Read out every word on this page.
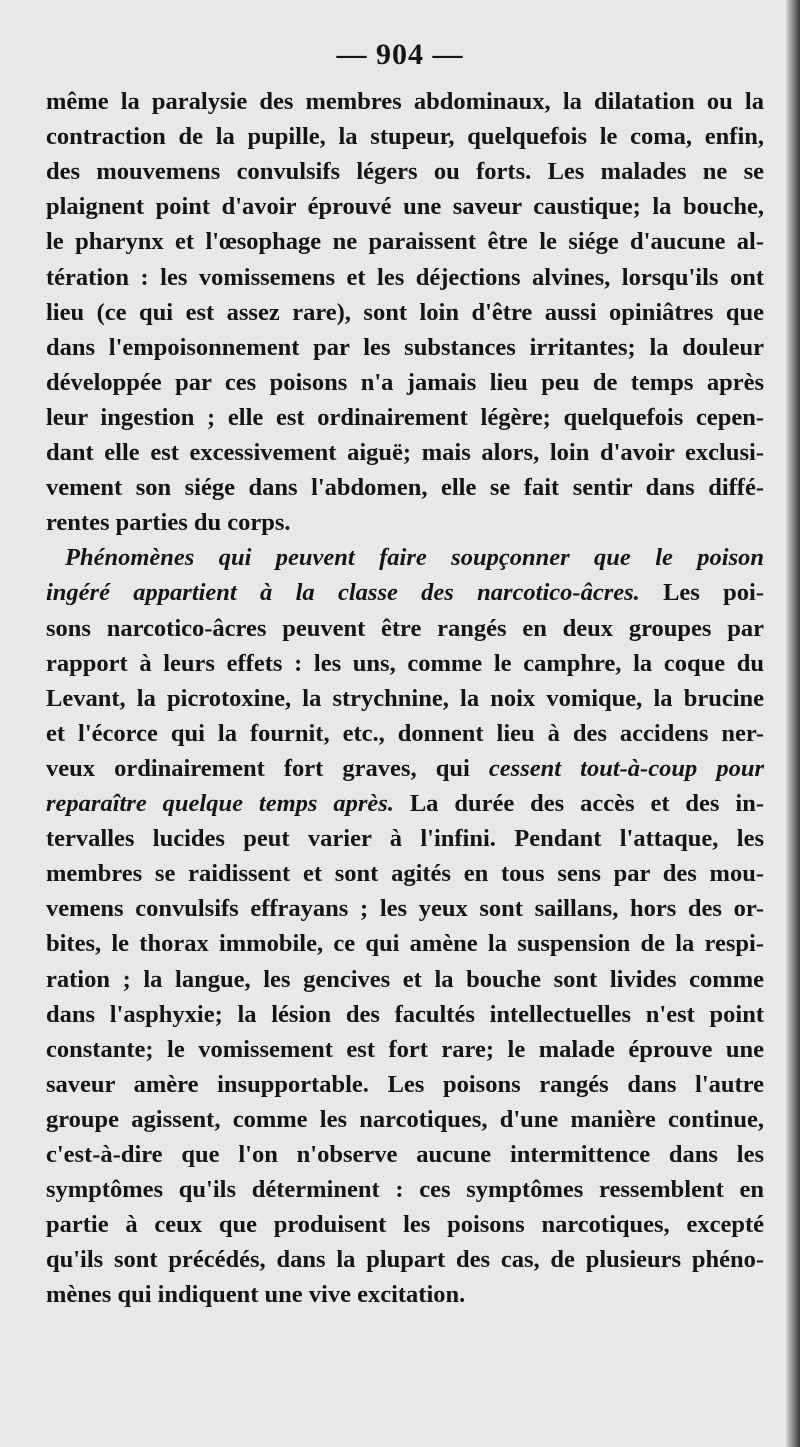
— 904 —
même la paralysie des membres abdominaux, la dilatation ou la
contraction de la pupille, la stupeur, quelquefois le coma, enfin,
des mouvemens convulsifs légers ou forts. Les malades ne se
plaignent point d'avoir éprouvé une saveur caustique; la bouche,
le pharynx et l'œsophage ne paraissent être le siége d'aucune al-
tération : les vomissemens et les déjections alvines, lorsqu'ils ont
lieu (ce qui est assez rare), sont loin d'être aussi opiniâtres que
dans l'empoisonnement par les substances irritantes; la douleur
développée par ces poisons n'a jamais lieu peu de temps après
leur ingestion ; elle est ordinairement légère; quelquefois cepen-
dant elle est excessivement aiguë; mais alors, loin d'avoir exclusi-
vement son siége dans l'abdomen, elle se fait sentir dans diffé-
rentes parties du corps.
Phénomènes qui peuvent faire soupçonner que le poison
ingéré appartient à la classe des narcotico-âcres. Les poi-
sons narcotico-âcres peuvent être rangés en deux groupes par
rapport à leurs effets : les uns, comme le camphre, la coque du
Levant, la picrotoxine, la strychnine, la noix vomique, la brucine
et l'écorce qui la fournit, etc., donnent lieu à des accidens ner-
veux ordinairement fort graves, qui cessent tout-à-coup pour
reparaître quelque temps après. La durée des accès et des in-
tervalles lucides peut varier à l'infini. Pendant l'attaque, les
membres se raidissent et sont agités en tous sens par des mou-
vemens convulsifs effrayans ; les yeux sont saillans, hors des or-
bites, le thorax immobile, ce qui amène la suspension de la respi-
ration ; la langue, les gencives et la bouche sont livides comme
dans l'asphyxie; la lésion des facultés intellectuelles n'est point
constante; le vomissement est fort rare; le malade éprouve une
saveur amère insupportable. Les poisons rangés dans l'autre
groupe agissent, comme les narcotiques, d'une manière continue,
c'est-à-dire que l'on n'observe aucune intermittence dans les
symptômes qu'ils déterminent : ces symptômes ressemblent en
partie à ceux que produisent les poisons narcotiques, excepté
qu'ils sont précédés, dans la plupart des cas, de plusieurs phéno-
mènes qui indiquent une vive excitation.
